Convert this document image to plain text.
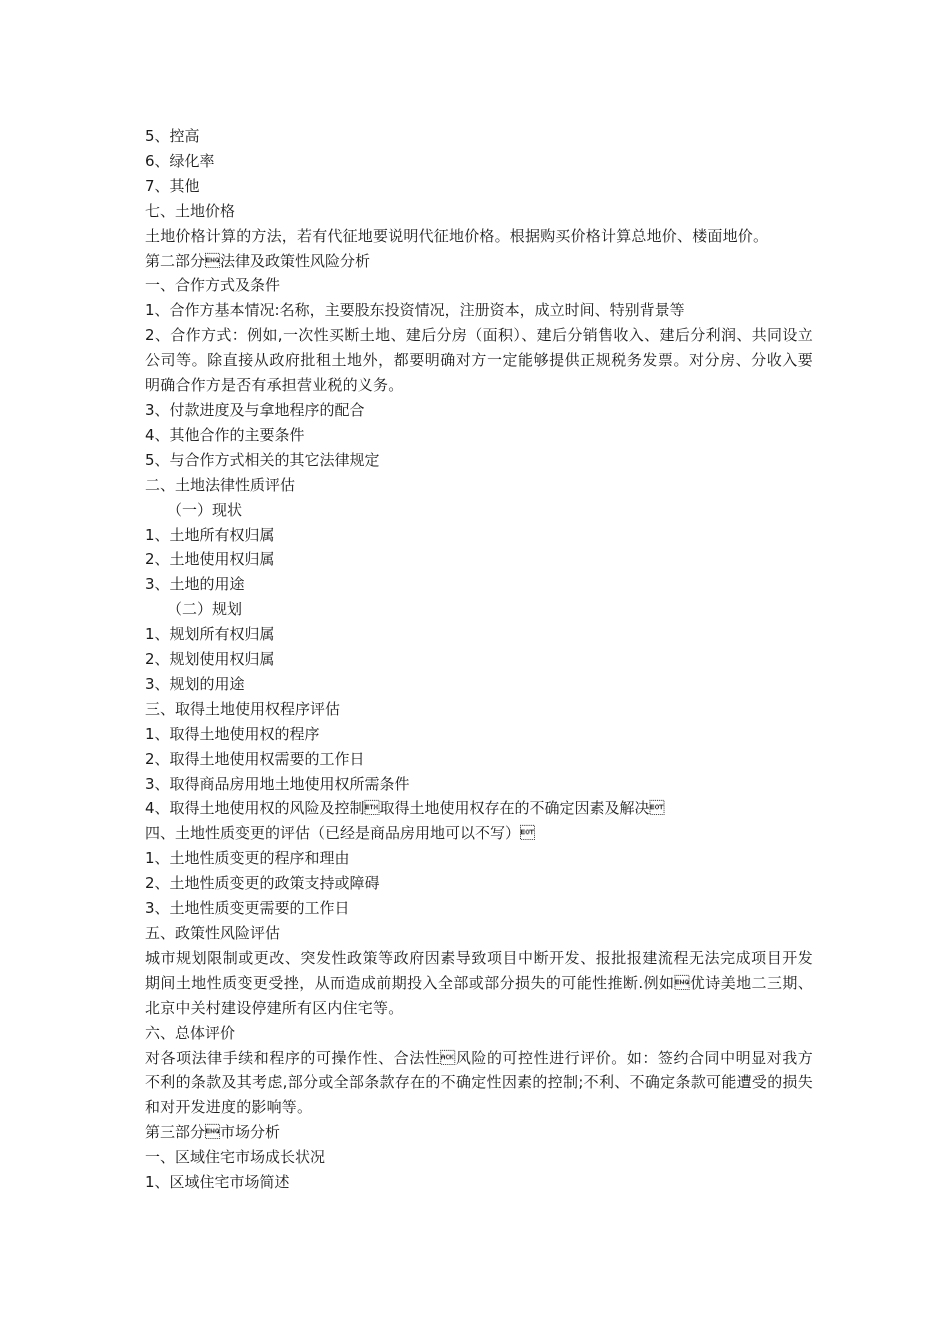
5、控高

6、绿化率

7、其他

七、土地价格

土地价格计算的方法，若有代征地要说明代征地价格。根据购买价格计算总地价、楼面地价。

第二部分法律及政策性风险分析

一、合作方式及条件

1、合作方基本情况:名称，主要股东投资情况，注册资本，成立时间、特别背景等

2、合作方式：例如,一次性买断土地、建后分房（面积）、建后分销售收入、建后分利润、共同设立公司等。除直接从政府批租土地外，都要明确对方一定能够提供正规税务发票。对分房、分收入要明确合作方是否有承担营业税的义务。

3、付款进度及与拿地程序的配合

4、其他合作的主要条件

5、与合作方式相关的其它法律规定

二、土地法律性质评估

（一）现状

1、土地所有权归属

2、土地使用权归属

3、土地的用途

（二）规划

1、规划所有权归属

2、规划使用权归属

3、规划的用途

三、取得土地使用权程序评估

1、取得土地使用权的程序

2、取得土地使用权需要的工作日

3、取得商品房用地土地使用权所需条件

4、取得土地使用权的风险及控制取得土地使用权存在的不确定因素及解决

四、土地性质变更的评估（已经是商品房用地可以不写）

1、土地性质变更的程序和理由

2、土地性质变更的政策支持或障碍

3、土地性质变更需要的工作日

五、政策性风险评估

城市规划限制或更改、突发性政策等政府因素导致项目中断开发、报批报建流程无法完成项目开发期间土地性质变更受挫，从而造成前期投入全部或部分损失的可能性推断.例如优诗美地二三期、北京中关村建设停建所有区内住宅等。

六、总体评价

对各项法律手续和程序的可操作性、合法性风险的可控性进行评价。如：签约合同中明显对我方不利的条款及其考虑,部分或全部条款存在的不确定性因素的控制;不利、不确定条款可能遭受的损失和对开发进度的影响等。

第三部分市场分析

一、区域住宅市场成长状况

1、区域住宅市场简述
